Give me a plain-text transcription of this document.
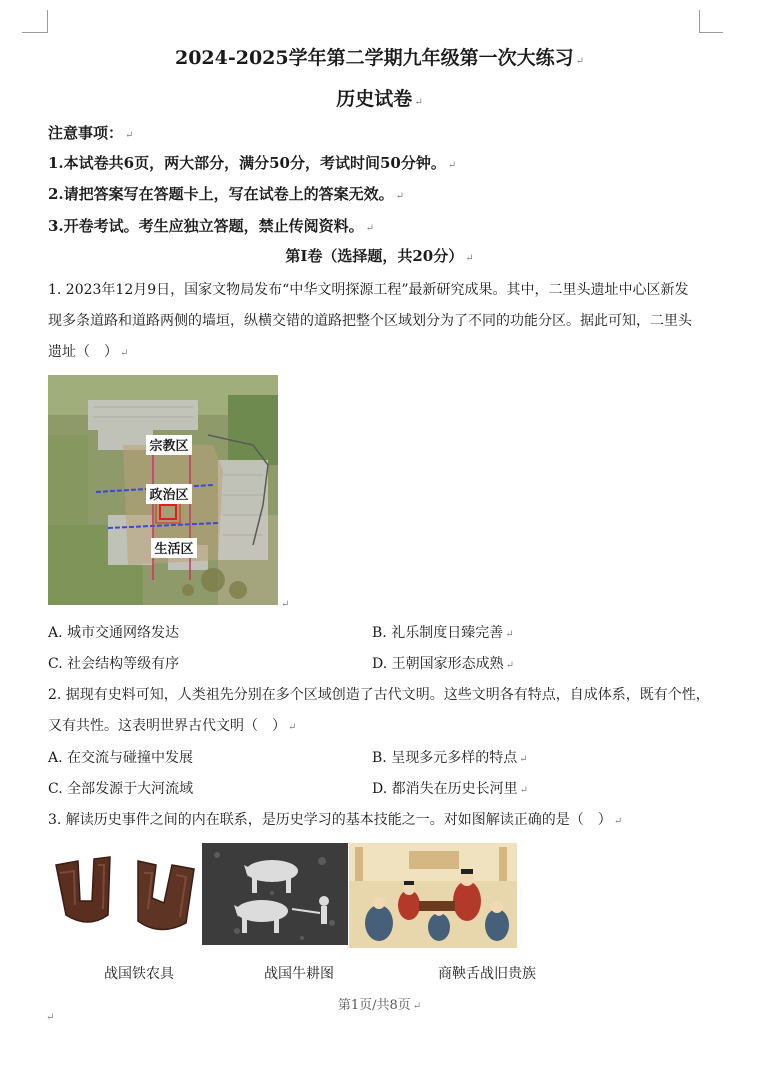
2024-2025学年第二学期九年级第一次大练习 ↵
历史试卷 ↵
注意事项： ↵
1.本试卷共6页，两大部分，满分50分，考试时间50分钟。 ↵
2.请把答案写在答题卡上，写在试卷上的答案无效。 ↵
3.开卷考试。考生应独立答题，禁止传阅资料。 ↵
第Ⅰ卷（选择题，共20分） ↵
1. 2023年12月9日，国家文物局发布“中华文明探源工程”最新研究成果。其中，二里头遗址中心区新发
现多条道路和道路两侧的墙垣，纵横交错的道路把整个区域划分为了不同的功能分区。据此可知，二里头
遗址（　） ↵
宗教区
政治区
生活区
↵
A. 城市交通网络发达	B. 礼乐制度日臻完善 ↵
C. 社会结构等级有序	D. 王朝国家形态成熟 ↵
2. 据现有史料可知，人类祖先分别在多个区域创造了古代文明。这些文明各有特点，自成体系，既有个性，
又有共性。这表明世界古代文明（　） ↵
A. 在交流与碰撞中发展	B. 呈现多元多样的特点 ↵
C. 全部发源于大河流域	D. 都消失在历史长河里 ↵
3. 解读历史事件之间的内在联系，是历史学习的基本技能之一。对如图解读正确的是（　） ↵
战国铁农具	战国牛耕图	商鞅舌战旧贵族
第1页/共8页 ↵
↵
